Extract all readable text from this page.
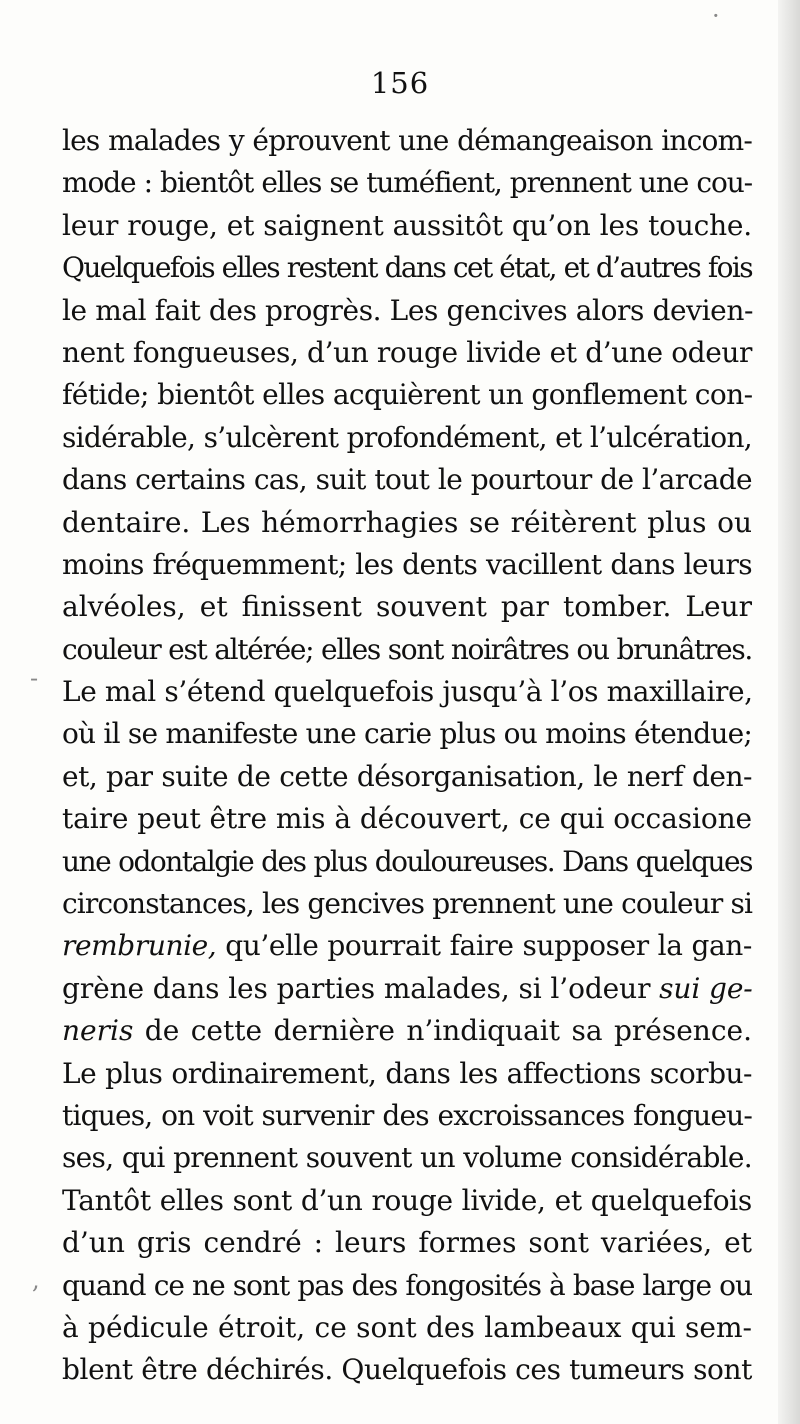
·
-
,
156
les malades y éprouvent une démangeaison incom-
mode : bientôt elles se tuméfient, prennent une cou-
leur rouge, et saignent aussitôt qu’on les touche.
Quelquefois elles restent dans cet état, et d’autres fois
le mal fait des progrès. Les gencives alors devien-
nent fongueuses, d’un rouge livide et d’une odeur
fétide; bientôt elles acquièrent un gonflement con-
sidérable, s’ulcèrent profondément, et l’ulcération,
dans certains cas, suit tout le pourtour de l’arcade
dentaire. Les hémorrhagies se réitèrent plus ou
moins fréquemment; les dents vacillent dans leurs
alvéoles, et finissent souvent par tomber. Leur
couleur est altérée; elles sont noirâtres ou brunâtres.
Le mal s’étend quelquefois jusqu’à l’os maxillaire,
où il se manifeste une carie plus ou moins étendue;
et, par suite de cette désorganisation, le nerf den-
taire peut être mis à découvert, ce qui occasione
une odontalgie des plus douloureuses. Dans quelques
circonstances, les gencives prennent une couleur si
rembrunie, qu’elle pourrait faire supposer la gan-
grène dans les parties malades, si l’odeur sui ge-
neris de cette dernière n’indiquait sa présence.
Le plus ordinairement, dans les affections scorbu-
tiques, on voit survenir des excroissances fongueu-
ses, qui prennent souvent un volume considérable.
Tantôt elles sont d’un rouge livide, et quelquefois
d’un gris cendré : leurs formes sont variées, et
quand ce ne sont pas des fongosités à base large ou
à pédicule étroit, ce sont des lambeaux qui sem-
blent être déchirés. Quelquefois ces tumeurs sont
